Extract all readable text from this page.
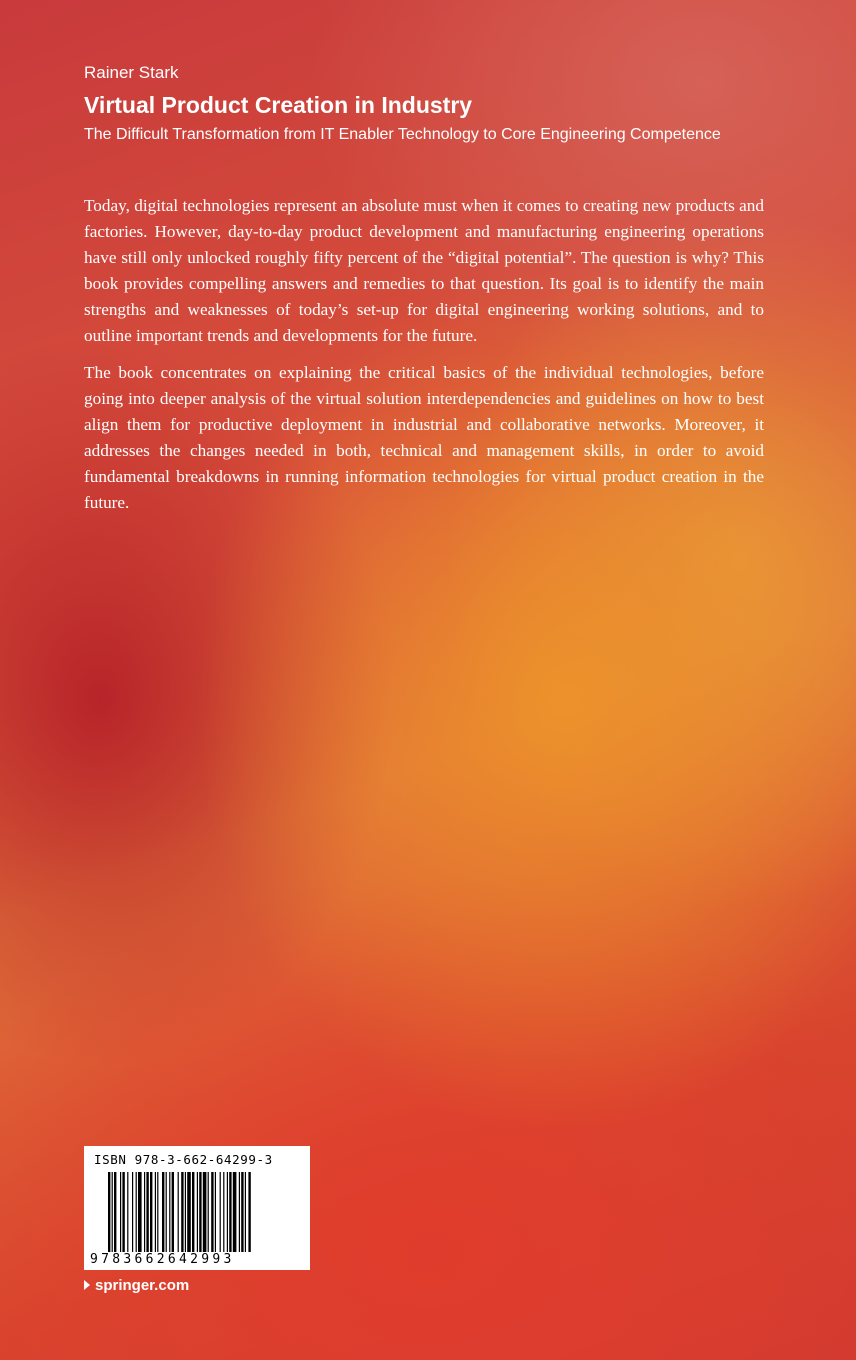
Rainer Stark
Virtual Product Creation in Industry
The Difficult Transformation from IT Enabler Technology to Core Engineering Competence

Today, digital technologies represent an absolute must when it comes to creating new products and factories. However, day-to-day product development and manufacturing engineering operations have still only unlocked roughly fifty percent of the “digital potential”. The question is why? This book provides compelling answers and remedies to that question. Its goal is to identify the main strengths and weaknesses of today’s set-up for digital engineering working solutions, and to outline important trends and developments for the future.

The book concentrates on explaining the critical basics of the individual technologies, before going into deeper analysis of the virtual solution interdependencies and guidelines on how to best align them for productive deployment in industrial and collaborative networks. Moreover, it addresses the changes needed in both, technical and management skills, in order to avoid fundamental breakdowns in running information technologies for virtual product creation in the future.

ISBN 978-3-662-64299-3
9783662642993
springer.com
